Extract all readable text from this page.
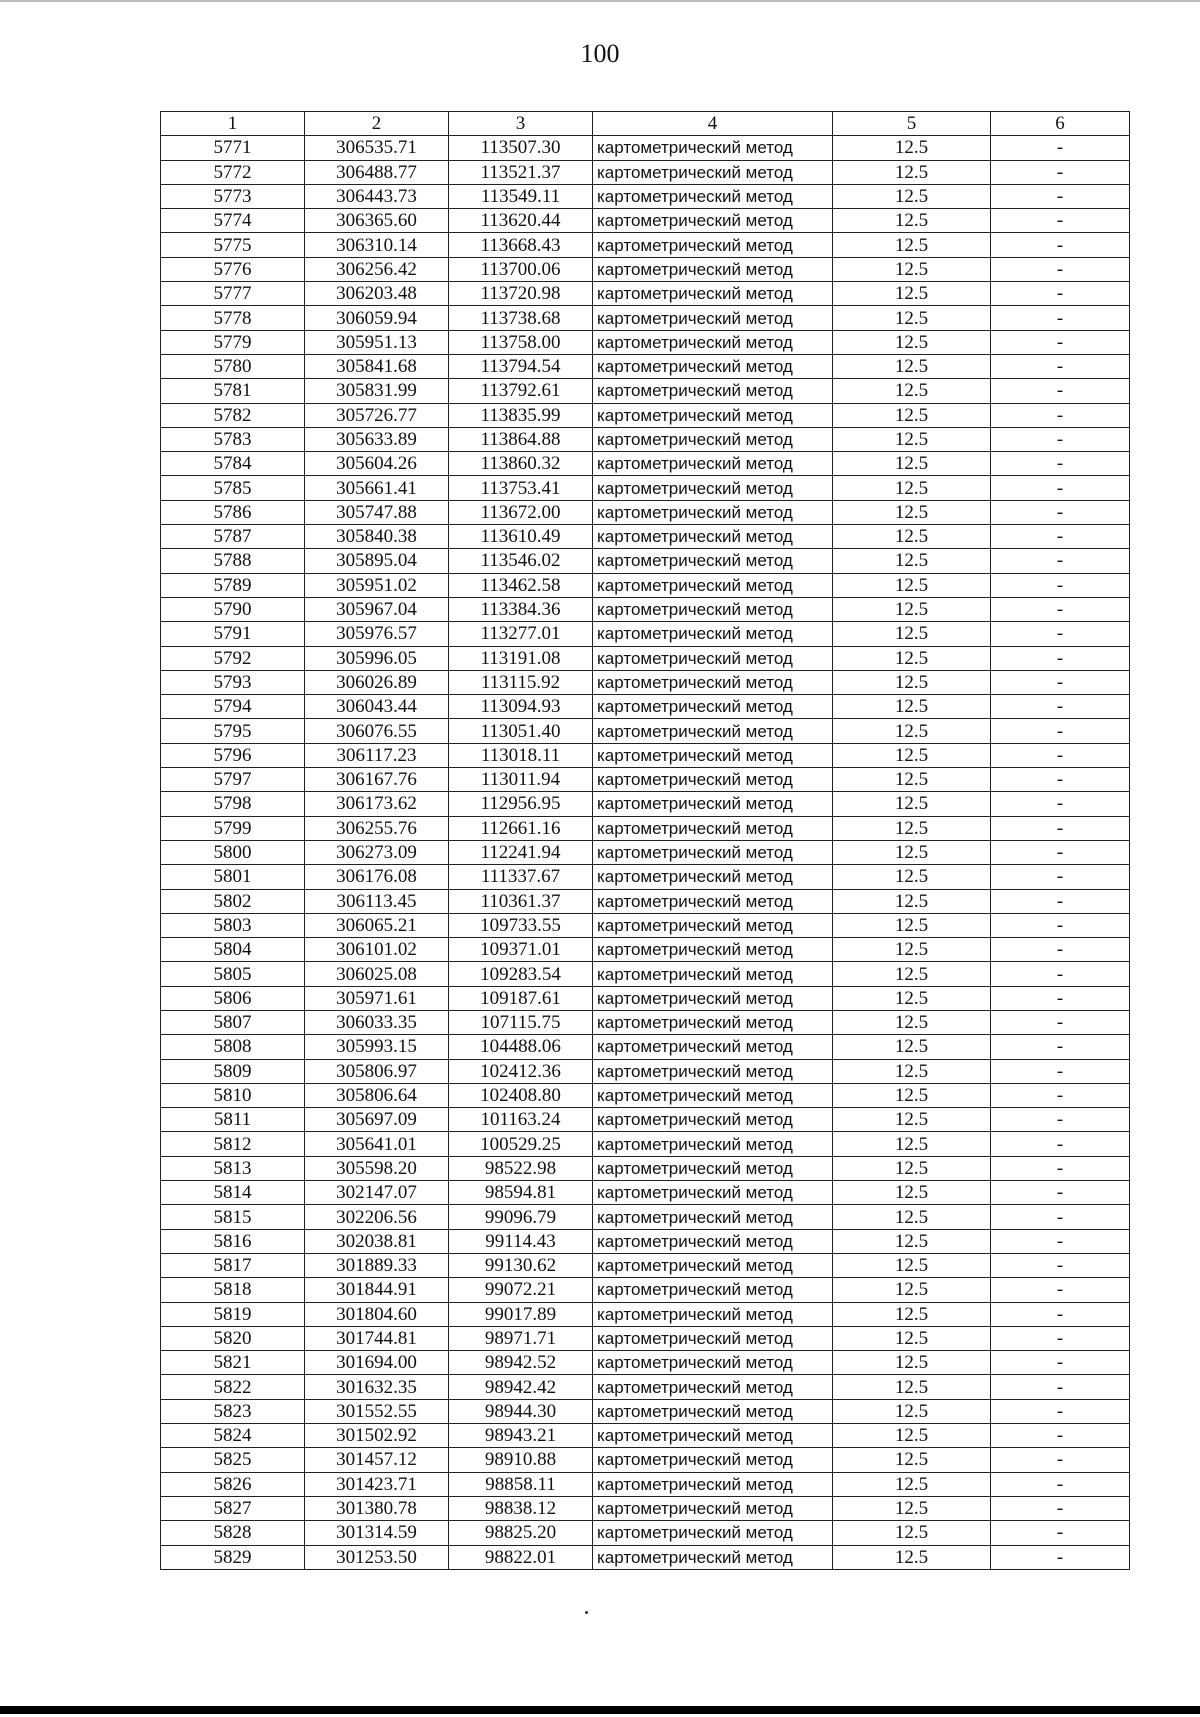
100
1	2	3	4	5	6
5771	306535.71	113507.30	картометрический метод	12.5	-
5772	306488.77	113521.37	картометрический метод	12.5	-
5773	306443.73	113549.11	картометрический метод	12.5	-
5774	306365.60	113620.44	картометрический метод	12.5	-
5775	306310.14	113668.43	картометрический метод	12.5	-
5776	306256.42	113700.06	картометрический метод	12.5	-
5777	306203.48	113720.98	картометрический метод	12.5	-
5778	306059.94	113738.68	картометрический метод	12.5	-
5779	305951.13	113758.00	картометрический метод	12.5	-
5780	305841.68	113794.54	картометрический метод	12.5	-
5781	305831.99	113792.61	картометрический метод	12.5	-
5782	305726.77	113835.99	картометрический метод	12.5	-
5783	305633.89	113864.88	картометрический метод	12.5	-
5784	305604.26	113860.32	картометрический метод	12.5	-
5785	305661.41	113753.41	картометрический метод	12.5	-
5786	305747.88	113672.00	картометрический метод	12.5	-
5787	305840.38	113610.49	картометрический метод	12.5	-
5788	305895.04	113546.02	картометрический метод	12.5	-
5789	305951.02	113462.58	картометрический метод	12.5	-
5790	305967.04	113384.36	картометрический метод	12.5	-
5791	305976.57	113277.01	картометрический метод	12.5	-
5792	305996.05	113191.08	картометрический метод	12.5	-
5793	306026.89	113115.92	картометрический метод	12.5	-
5794	306043.44	113094.93	картометрический метод	12.5	-
5795	306076.55	113051.40	картометрический метод	12.5	-
5796	306117.23	113018.11	картометрический метод	12.5	-
5797	306167.76	113011.94	картометрический метод	12.5	-
5798	306173.62	112956.95	картометрический метод	12.5	-
5799	306255.76	112661.16	картометрический метод	12.5	-
5800	306273.09	112241.94	картометрический метод	12.5	-
5801	306176.08	111337.67	картометрический метод	12.5	-
5802	306113.45	110361.37	картометрический метод	12.5	-
5803	306065.21	109733.55	картометрический метод	12.5	-
5804	306101.02	109371.01	картометрический метод	12.5	-
5805	306025.08	109283.54	картометрический метод	12.5	-
5806	305971.61	109187.61	картометрический метод	12.5	-
5807	306033.35	107115.75	картометрический метод	12.5	-
5808	305993.15	104488.06	картометрический метод	12.5	-
5809	305806.97	102412.36	картометрический метод	12.5	-
5810	305806.64	102408.80	картометрический метод	12.5	-
5811	305697.09	101163.24	картометрический метод	12.5	-
5812	305641.01	100529.25	картометрический метод	12.5	-
5813	305598.20	98522.98	картометрический метод	12.5	-
5814	302147.07	98594.81	картометрический метод	12.5	-
5815	302206.56	99096.79	картометрический метод	12.5	-
5816	302038.81	99114.43	картометрический метод	12.5	-
5817	301889.33	99130.62	картометрический метод	12.5	-
5818	301844.91	99072.21	картометрический метод	12.5	-
5819	301804.60	99017.89	картометрический метод	12.5	-
5820	301744.81	98971.71	картометрический метод	12.5	-
5821	301694.00	98942.52	картометрический метод	12.5	-
5822	301632.35	98942.42	картометрический метод	12.5	-
5823	301552.55	98944.30	картометрический метод	12.5	-
5824	301502.92	98943.21	картометрический метод	12.5	-
5825	301457.12	98910.88	картометрический метод	12.5	-
5826	301423.71	98858.11	картометрический метод	12.5	-
5827	301380.78	98838.12	картометрический метод	12.5	-
5828	301314.59	98825.20	картометрический метод	12.5	-
5829	301253.50	98822.01	картометрический метод	12.5	-
